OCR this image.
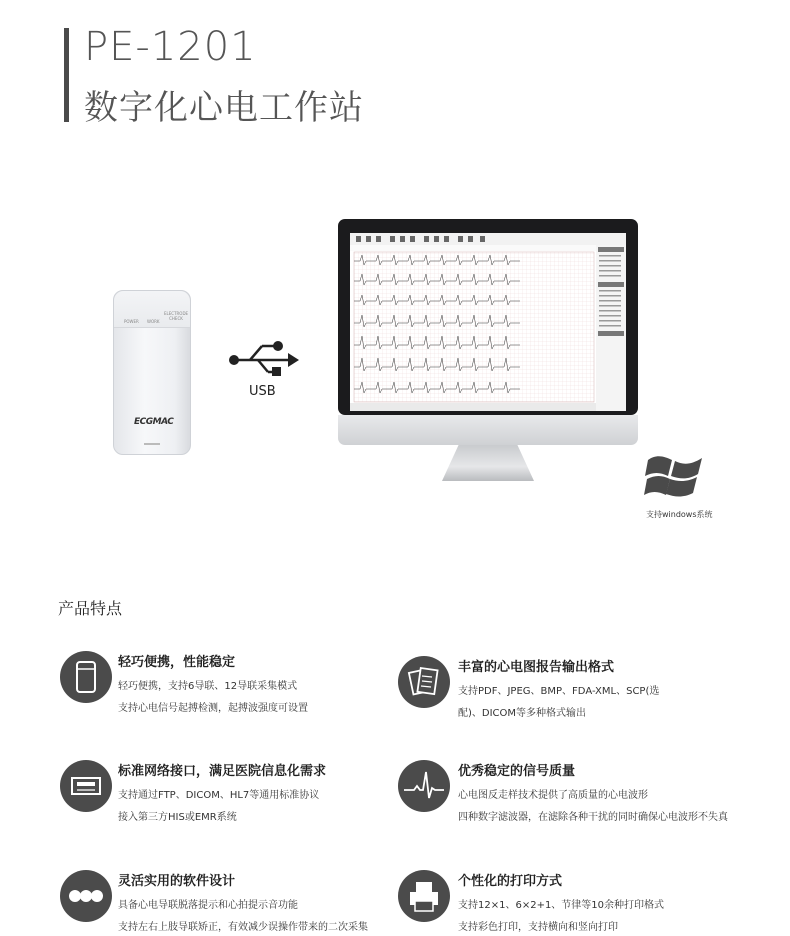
PE-1201
数字化心电工作站
POWER WORK
ELECTRODE CHECK
ECGMAC
USB
支持windows系统
产品特点
轻巧便携，性能稳定
轻巧便携，支持6导联、12导联采集模式
支持心电信号起搏检测，起搏波强度可设置
丰富的心电图报告输出格式
支持PDF、JPEG、BMP、FDA-XML、SCP(选
配)、DICOM等多种格式输出
标准网络接口，满足医院信息化需求
支持通过FTP、DICOM、HL7等通用标准协议
接入第三方HIS或EMR系统
优秀稳定的信号质量
心电图反走样技术提供了高质量的心电波形
四种数字滤波器，在滤除各种干扰的同时确保心电波形不失真
灵活实用的软件设计
具备心电导联脱落提示和心拍提示音功能
支持左右上肢导联矫正，有效减少误操作带来的二次采集
个性化的打印方式
支持12×1、6×2+1、节律等10余种打印格式
支持彩色打印，支持横向和竖向打印
